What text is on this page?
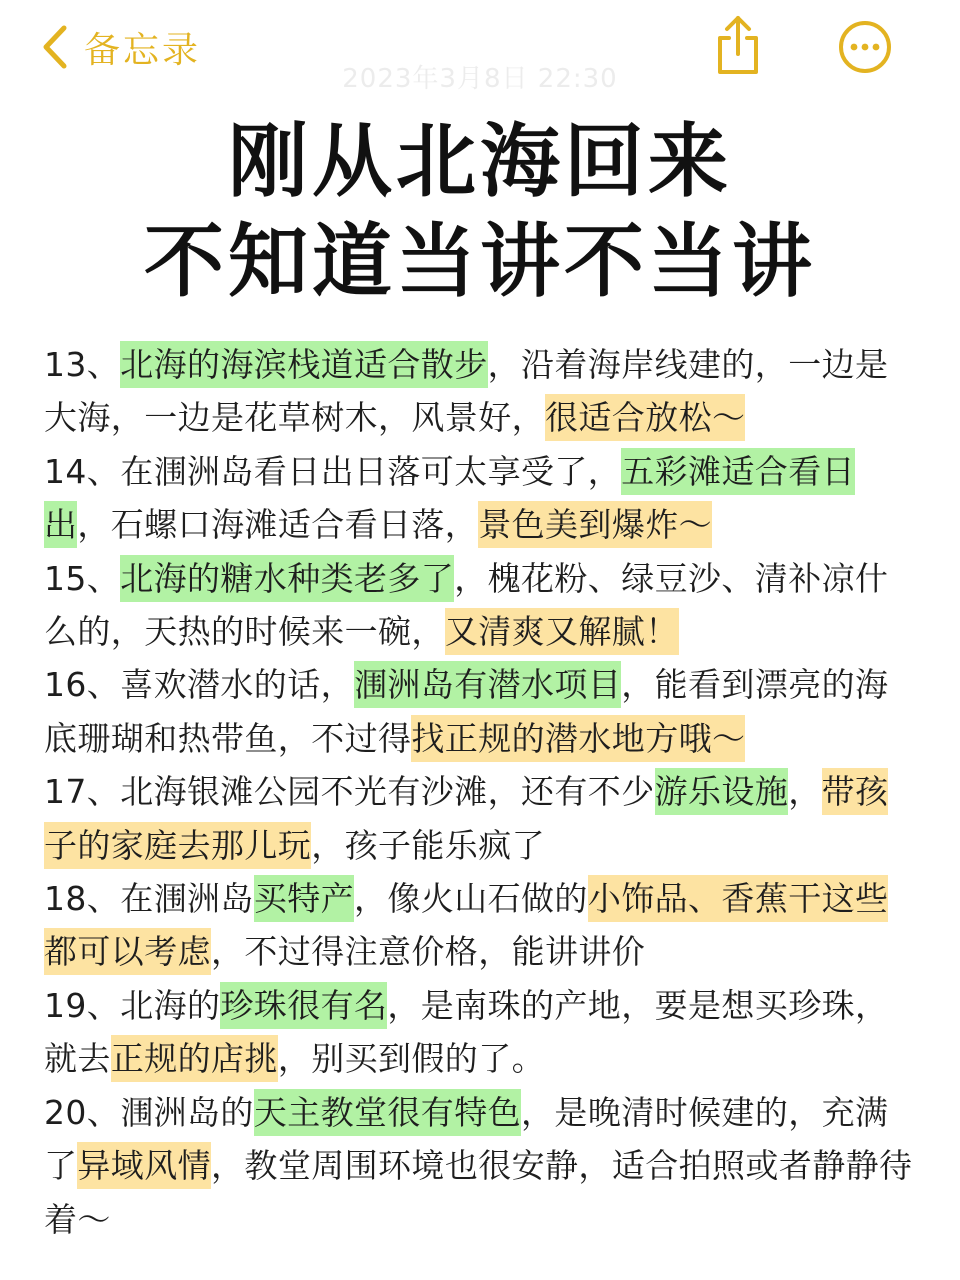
备忘录
2023年3月8日 22:30
刚从北海回来
不知道当讲不当讲
13、北海的海滨栈道适合散步，沿着海岸线建的，一边是大海，一边是花草树木，风景好，很适合放松～
14、在涠洲岛看日出日落可太享受了，五彩滩适合看日出，石螺口海滩适合看日落，景色美到爆炸～
15、北海的糖水种类老多了，槐花粉、绿豆沙、清补凉什么的，天热的时候来一碗，又清爽又解腻！
16、喜欢潜水的话，涠洲岛有潜水项目，能看到漂亮的海底珊瑚和热带鱼，不过得找正规的潜水地方哦～
17、北海银滩公园不光有沙滩，还有不少游乐设施，带孩子的家庭去那儿玩，孩子能乐疯了
18、在涠洲岛买特产，像火山石做的小饰品、香蕉干这些都可以考虑，不过得注意价格，能讲讲价
19、北海的珍珠很有名，是南珠的产地，要是想买珍珠，就去正规的店挑，别买到假的了。
20、涠洲岛的天主教堂很有特色，是晚清时候建的，充满了异域风情，教堂周围环境也很安静，适合拍照或者静静待着～
